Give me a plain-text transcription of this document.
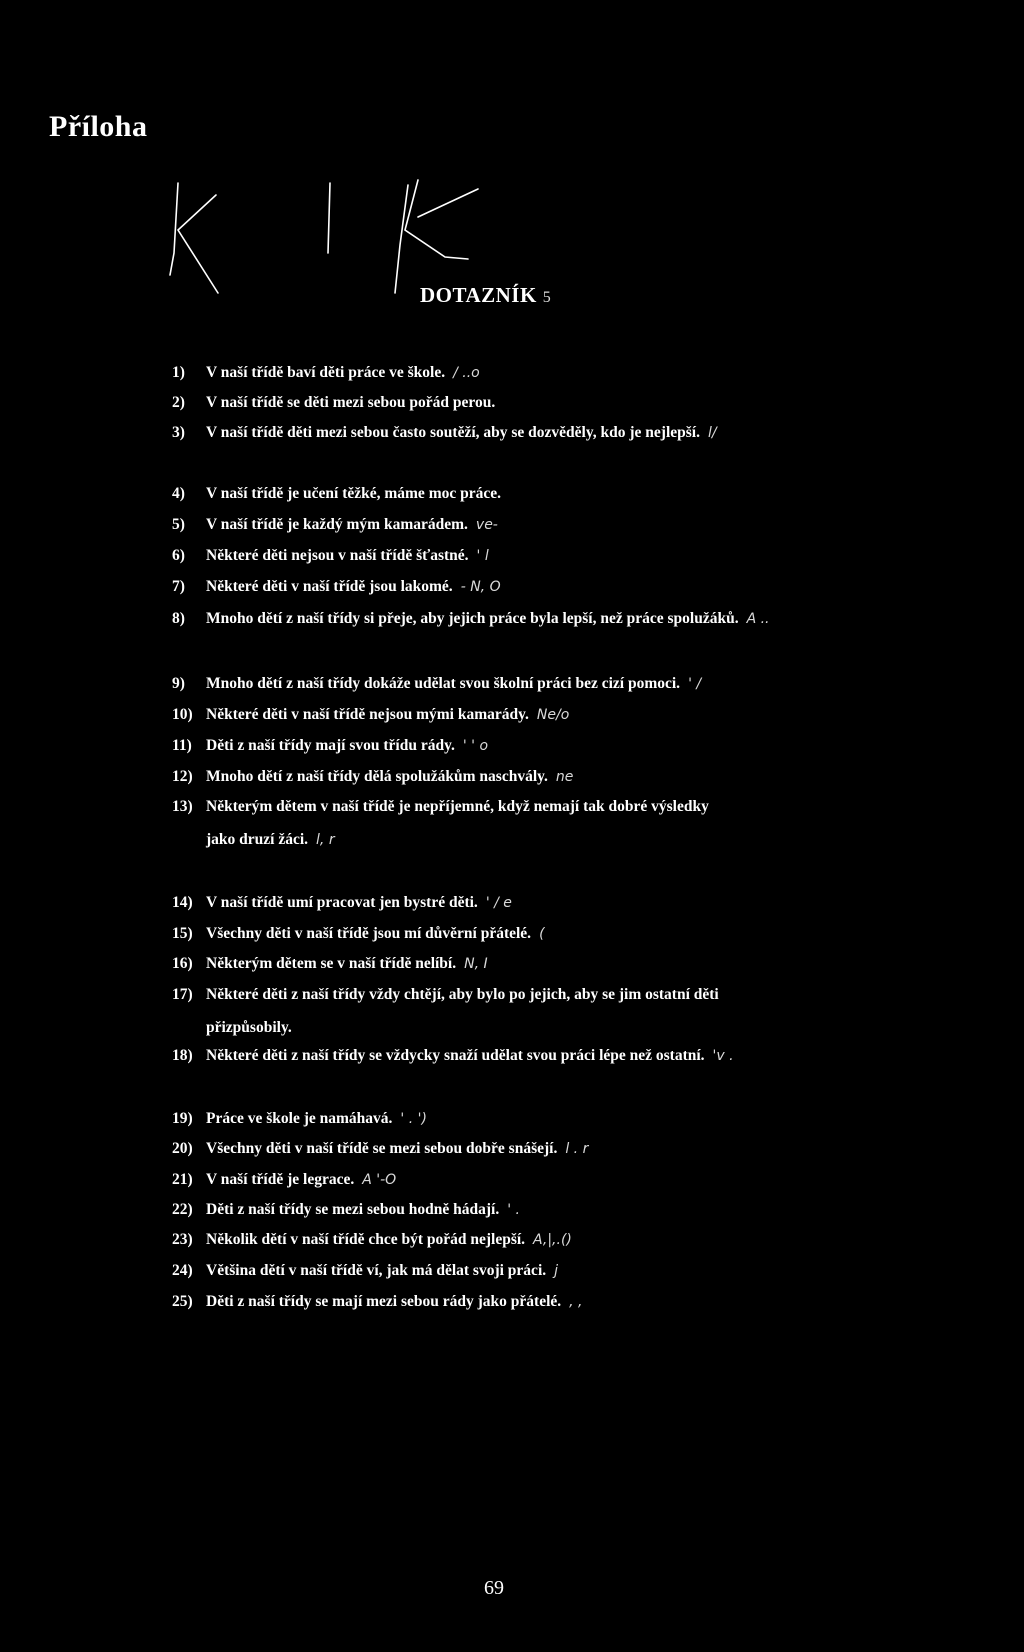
Příloha
DOTAZNÍK 5
1) V naší třídě baví děti práce ve škole. / ..o
2) V naší třídě se děti mezi sebou pořád perou.
3) V naší třídě děti mezi sebou často soutěží, aby se dozvěděly, kdo je nejlepší. l/
4) V naší třídě je učení těžké, máme moc práce.
5) V naší třídě je každý mým kamarádem. ve-
6) Některé děti nejsou v naší třídě šťastné. ' l
7) Některé děti v naší třídě jsou lakomé. - N, O
8) Mnoho dětí z naší třídy si přeje, aby jejich práce byla lepší, než práce spolužáků. A ..
9) Mnoho dětí z naší třídy dokáže udělat svou školní práci bez cizí pomoci. ' /
10) Některé děti v naší třídě nejsou mými kamarády. Ne/o
11) Děti z naší třídy mají svou třídu rády. ' ' o
12) Mnoho dětí z naší třídy dělá spolužákům naschvály. ne
13) Některým dětem v naší třídě je nepříjemné, když nemají tak dobré výsledky
jako druzí žáci. l, r
14) V naší třídě umí pracovat jen bystré děti. ' / e
15) Všechny děti v naší třídě jsou mí důvěrní přátelé. (
16) Některým dětem se v naší třídě nelíbí. N, I
17) Některé děti z naší třídy vždy chtějí, aby bylo po jejich, aby se jim ostatní děti
přizpůsobily.
18) Některé děti z naší třídy se vždycky snaží udělat svou práci lépe než ostatní. 'v .
19) Práce ve škole je namáhavá. ' . ')
20) Všechny děti v naší třídě se mezi sebou dobře snášejí. l . r
21) V naší třídě je legrace. A '-O
22) Děti z naší třídy se mezi sebou hodně hádají. ' .
23) Několik dětí v naší třídě chce být pořád nejlepší. A,|,.()
24) Většina dětí v naší třídě ví, jak má dělat svoji práci. j
25) Děti z naší třídy se mají mezi sebou rády jako přátelé. , ,
69
